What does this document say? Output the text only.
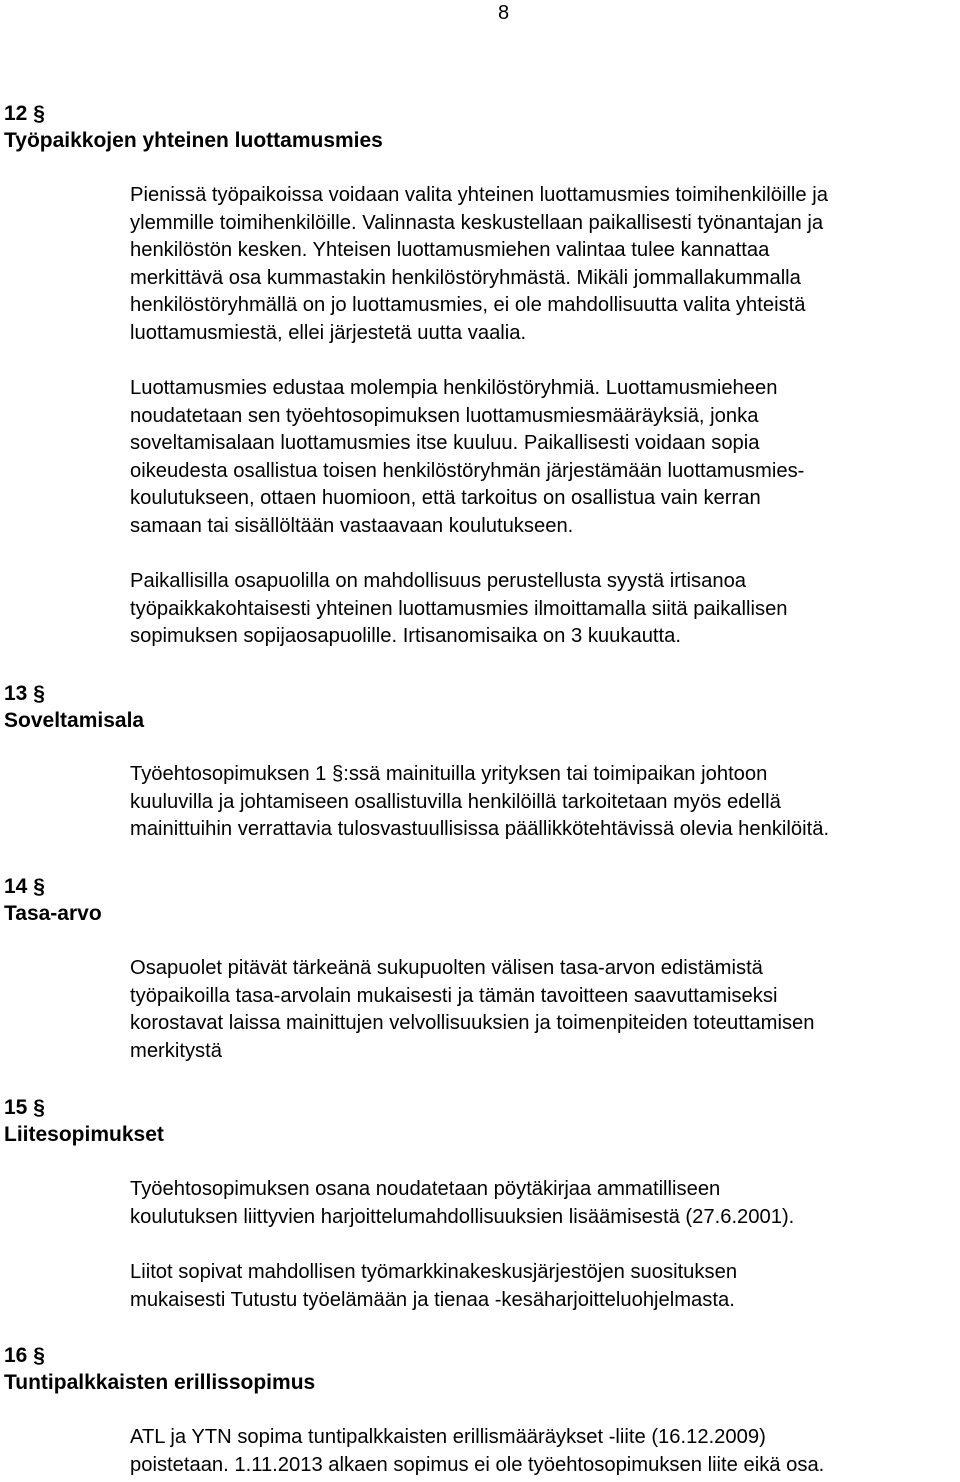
8
12 §
Työpaikkojen yhteinen luottamusmies
Pienissä työpaikoissa voidaan valita yhteinen luottamusmies toimihenkilöille ja
ylemmille toimihenkilöille. Valinnasta keskustellaan paikallisesti työnantajan ja
henkilöstön kesken. Yhteisen luottamusmiehen valintaa tulee kannattaa
merkittävä osa kummastakin henkilöstöryhmästä. Mikäli jommallakummalla
henkilöstöryhmällä on jo luottamusmies, ei ole mahdollisuutta valita yhteistä
luottamusmiestä, ellei järjestetä uutta vaalia.
Luottamusmies edustaa molempia henkilöstöryhmiä. Luottamusmieheen
noudatetaan sen työehtosopimuksen luottamusmiesmääräyksiä, jonka
soveltamisalaan luottamusmies itse kuuluu. Paikallisesti voidaan sopia
oikeudesta osallistua toisen henkilöstöryhmän järjestämään luottamusmies-
koulutukseen, ottaen huomioon, että tarkoitus on osallistua vain kerran
samaan tai sisällöltään vastaavaan koulutukseen.
Paikallisilla osapuolilla on mahdollisuus perustellusta syystä irtisanoa
työpaikkakohtaisesti yhteinen luottamusmies ilmoittamalla siitä paikallisen
sopimuksen sopijaosapuolille. Irtisanomisaika on 3 kuukautta.
13 §
Soveltamisala
Työehtosopimuksen 1 §:ssä mainituilla yrityksen tai toimipaikan johtoon
kuuluvilla ja johtamiseen osallistuvilla henkilöillä tarkoitetaan myös edellä
mainittuihin verrattavia tulosvastuullisissa päällikkötehtävissä olevia henkilöitä.
14 §
Tasa-arvo
Osapuolet pitävät tärkeänä sukupuolten välisen tasa-arvon edistämistä
työpaikoilla tasa-arvolain mukaisesti ja tämän tavoitteen saavuttamiseksi
korostavat laissa mainittujen velvollisuuksien ja toimenpiteiden toteuttamisen
merkitystä
15 §
Liitesopimukset
Työehtosopimuksen osana noudatetaan pöytäkirjaa ammatilliseen
koulutuksen liittyvien harjoittelumahdollisuuksien lisäämisestä (27.6.2001).
Liitot sopivat mahdollisen työmarkkinakeskusjärjestöjen suosituksen
mukaisesti Tutustu työelämään ja tienaa -kesäharjoitteluohjelmasta.
16 §
Tuntipalkkaisten erillissopimus
ATL ja YTN sopima tuntipalkkaisten erillismääräykset -liite (16.12.2009)
poistetaan. 1.11.2013 alkaen sopimus ei ole työehtosopimuksen liite eikä osa.
